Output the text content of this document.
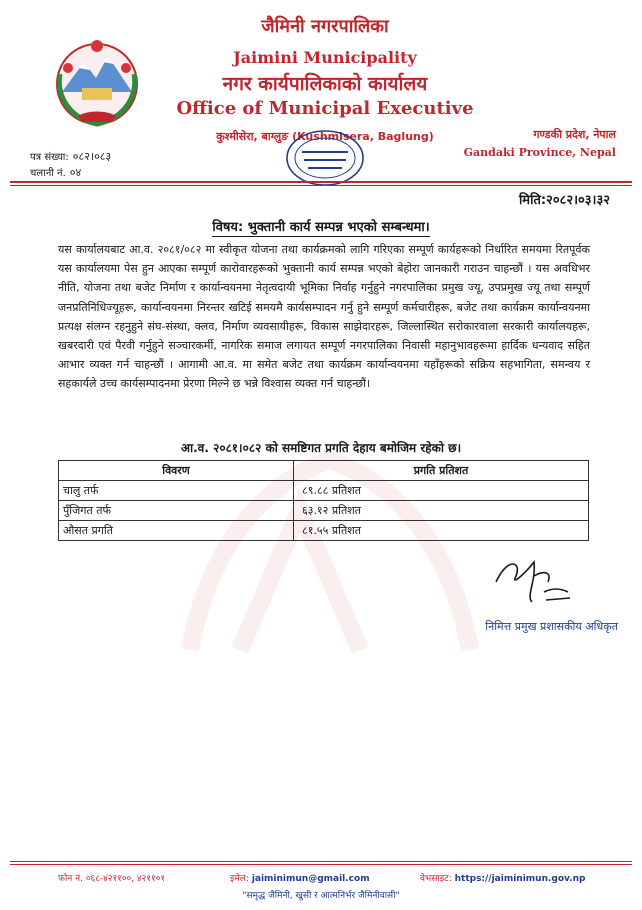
जैमिनी नगरपालिका
Jaimini Municipality
नगर कार्यपालिकाको कार्यालय
Office of Municipal Executive
कुश्मीसेरा, बाग्लुङ (Kushmisera, Baglung)	गण्डकी प्रदेश, नेपाल
Gandaki Province, Nepal
पत्र संख्या: ०८२।०८३
चलानी नं. ०४
मिति:२०८२।०३।३२
विषय: भुक्तानी कार्य सम्पन्न भएको सम्बन्धमा।
यस कार्यालयबाट आ.व. २०८१/०८२ मा स्वीकृत योजना तथा कार्यक्रमको लागि गरिएका सम्पूर्ण कार्यहरूको निर्धारित समयमा रितपूर्वक यस कार्यालयमा पेस हुन आएका सम्पूर्ण कारोवारहरूको भुक्तानी कार्य सम्पन्न भएको बेहोरा जानकारी गराउन चाहन्छौं । यस अवधिभर नीति, योजना तथा बजेट निर्माण र कार्यान्वयनमा नेतृत्वदायी भूमिका निर्वाह गर्नुहुने नगरपालिका प्रमुख ज्यू, उपप्रमुख ज्यू तथा सम्पूर्ण जनप्रतिनिधिज्यूहरू, कार्यान्वयनमा निरन्तर खटिई समयमै कार्यसम्पादन गर्नु हुने सम्पूर्ण कर्मचारीहरू, बजेट तथा कार्यक्रम कार्यान्वयनमा प्रत्यक्ष संलग्न रहनुहुने संघ-संस्था, क्लव, निर्माण व्यवसायीहरू, विकास साझेदारहरू, जिल्लास्थित सरोकारवाला सरकारी कार्यालयहरू, खबरदारी एवं पैरवी गर्नुहुने सञ्चारकर्मी, नागरिक समाज लगायत सम्पूर्ण नगरपालिका निवासी महानुभावहरूमा हार्दिक धन्यवाद सहित आभार व्यक्त गर्न चाहन्छौं । आगामी आ.व. मा समेत बजेट तथा कार्यक्रम कार्यान्वयनमा यहाँहरूको सक्रिय सहभागिता, समन्वय र सहकार्यले उच्च कार्यसम्पादनमा प्रेरणा मिल्ने छ भन्ने विश्वास व्यक्त गर्न चाहन्छौं।
आ.व. २०८१।०८२ को समष्टिगत प्रगति देहाय बमोजिम रहेको छ।
विवरण	प्रगति प्रतिशत
चालु तर्फ	८९.८८ प्रतिशत
पुँजिगत तर्फ	६३.१२ प्रतिशत
औसत प्रगति	८१.५५ प्रतिशत
निमित्त प्रमुख प्रशासकीय अधिकृत
फोन नं. ०६८-४२११००, ४२११०१	इमेल: jaiminimun@gmail.com	वेभसाइट: https://jaiminimun.gov.np
"समृद्ध जैमिनी, खुसी र आत्मनिर्भर जैमिनीवासी"
